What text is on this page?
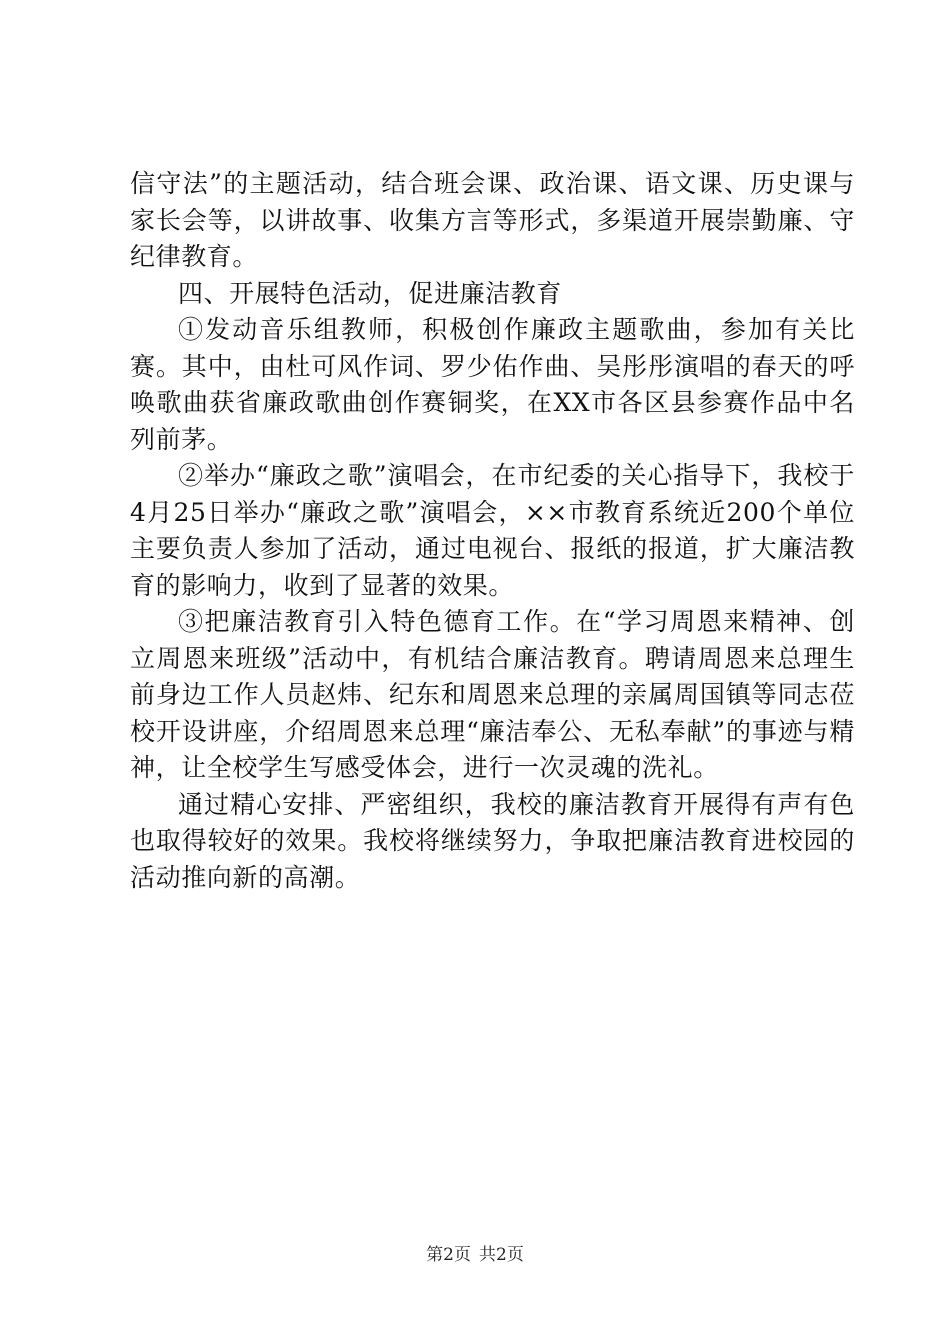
信守法”的主题活动，结合班会课、政治课、语文课、历史课与家长会等，以讲故事、收集方言等形式，多渠道开展崇勤廉、守纪律教育。

四、开展特色活动，促进廉洁教育

①发动音乐组教师，积极创作廉政主题歌曲，参加有关比赛。其中，由杜可风作词、罗少佑作曲、吴彤彤演唱的春天的呼唤歌曲获省廉政歌曲创作赛铜奖，在XX市各区县参赛作品中名列前茅。

②举办“廉政之歌”演唱会，在市纪委的关心指导下，我校于4月25日举办“廉政之歌”演唱会，××市教育系统近200个单位主要负责人参加了活动，通过电视台、报纸的报道，扩大廉洁教育的影响力，收到了显著的效果。

③把廉洁教育引入特色德育工作。在“学习周恩来精神、创立周恩来班级”活动中，有机结合廉洁教育。聘请周恩来总理生前身边工作人员赵炜、纪东和周恩来总理的亲属周国镇等同志莅校开设讲座，介绍周恩来总理“廉洁奉公、无私奉献”的事迹与精神，让全校学生写感受体会，进行一次灵魂的洗礼。

通过精心安排、严密组织，我校的廉洁教育开展得有声有色也取得较好的效果。我校将继续努力，争取把廉洁教育进校园的活动推向新的高潮。

第2页 共2页
